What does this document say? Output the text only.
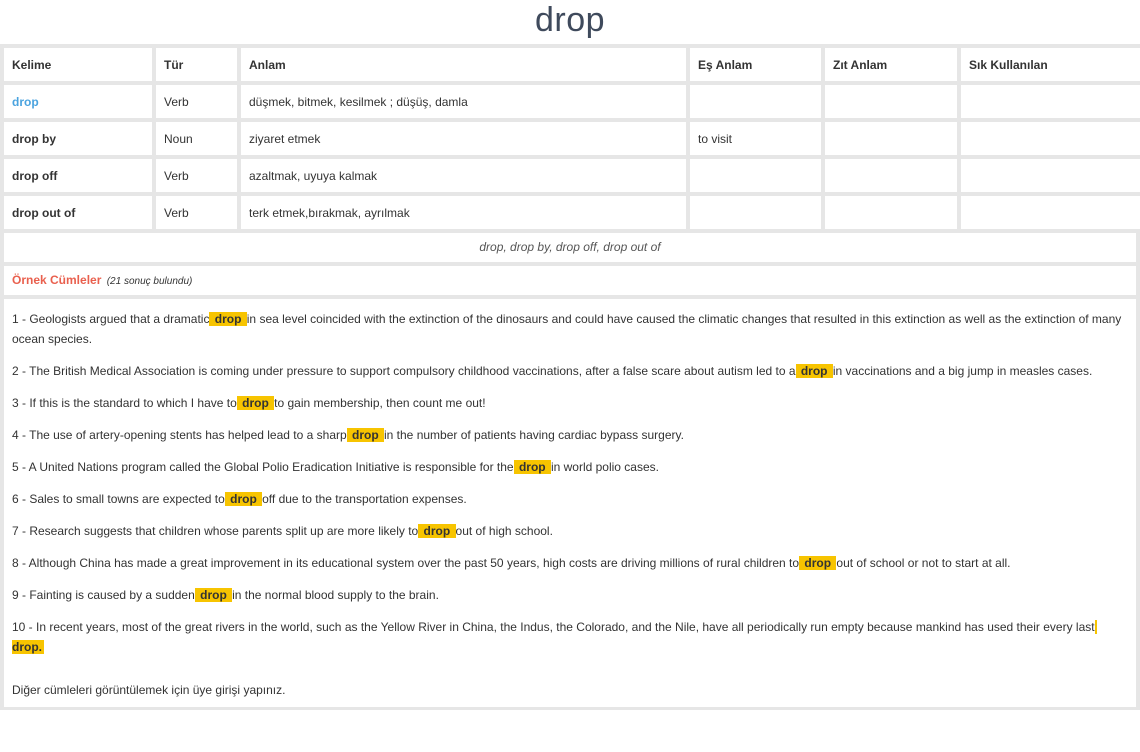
drop
Kelime	Tür	Anlam	Eş Anlam	Zıt Anlam	Sık Kullanılan
drop	Verb	düşmek, bitmek, kesilmek ; düşüş, damla			
drop by	Noun	ziyaret etmek	to visit		
drop off	Verb	azaltmak, uyuya kalmak			
drop out of	Verb	terk etmek,bırakmak, ayrılmak			
drop, drop by, drop off, drop out of
Örnek Cümleler (21 sonuç bulundu)
1 - Geologists argued that a dramatic drop in sea level coincided with the extinction of the dinosaurs and could have caused the climatic changes that resulted in this extinction as well as the extinction of many ocean species.
2 - The British Medical Association is coming under pressure to support compulsory childhood vaccinations, after a false scare about autism led to a drop in vaccinations and a big jump in measles cases.
3 - If this is the standard to which I have to drop to gain membership, then count me out!
4 - The use of artery-opening stents has helped lead to a sharp drop in the number of patients having cardiac bypass surgery.
5 - A United Nations program called the Global Polio Eradication Initiative is responsible for the drop in world polio cases.
6 - Sales to small towns are expected to drop off due to the transportation expenses.
7 - Research suggests that children whose parents split up are more likely to drop out of high school.
8 - Although China has made a great improvement in its educational system over the past 50 years, high costs are driving millions of rural children to drop out of school or not to start at all.
9 - Fainting is caused by a sudden drop in the normal blood supply to the brain.
10 - In recent years, most of the great rivers in the world, such as the Yellow River in China, the Indus, the Colorado, and the Nile, have all periodically run empty because mankind has used their every last drop.
Diğer cümleleri görüntülemek için üye girişi yapınız.
